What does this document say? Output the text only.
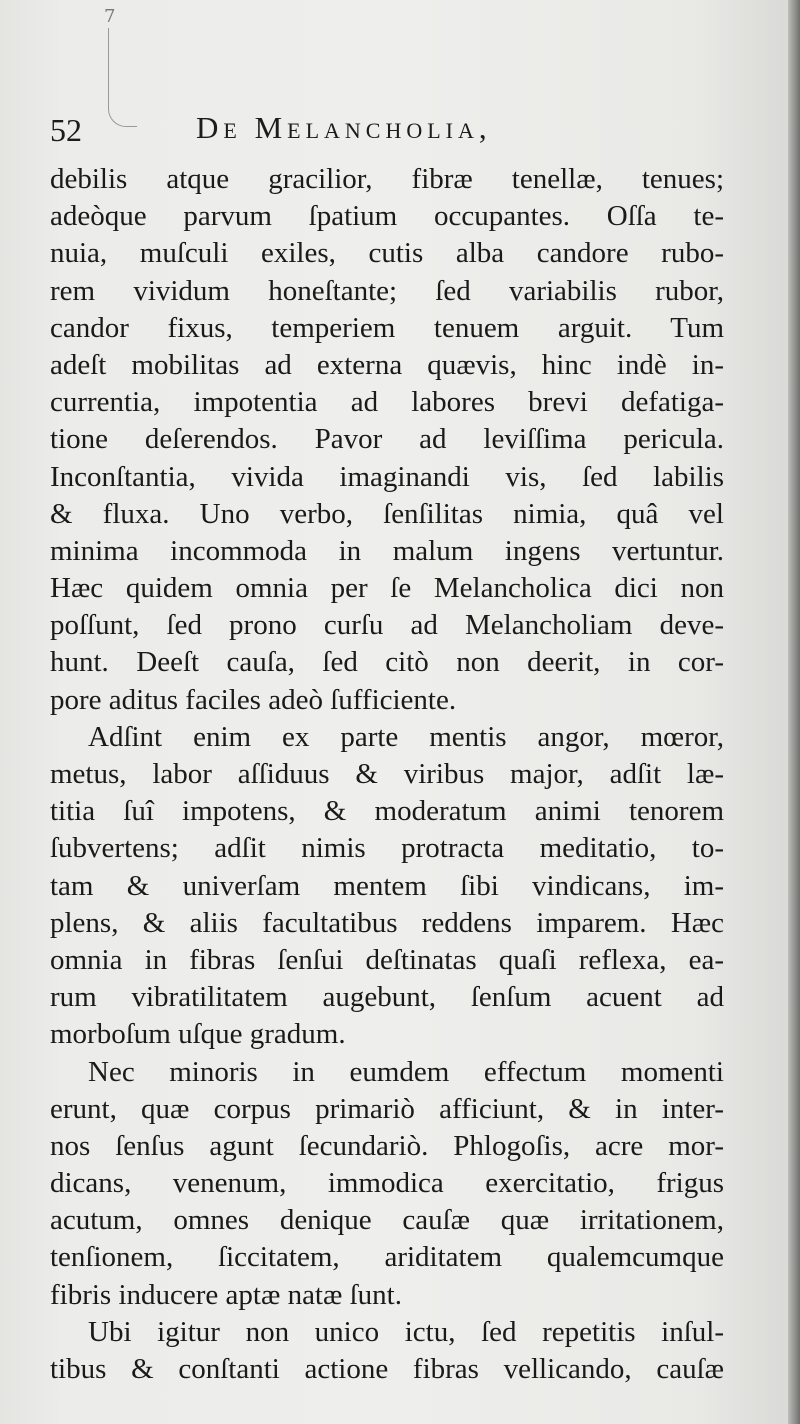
7
52	De Melancholia,
debilis atque gracilior, fibræ tenellæ, tenues;
adeòque parvum ſpatium occupantes. Oſſa te-
nuia, muſculi exiles, cutis alba candore rubo-
rem vividum honeſtante; ſed variabilis rubor,
candor fixus, temperiem tenuem arguit. Tum
adeſt mobilitas ad externa quævis, hinc indè in-
currentia, impotentia ad labores brevi defatiga-
tione deſerendos. Pavor ad leviſſima pericula.
Inconſtantia, vivida imaginandi vis, ſed labilis
& fluxa. Uno verbo, ſenſilitas nimia, quâ vel
minima incommoda in malum ingens vertuntur.
Hæc quidem omnia per ſe Melancholica dici non
poſſunt, ſed prono curſu ad Melancholiam deve-
hunt. Deeſt cauſa, ſed citò non deerit, in cor-
pore aditus faciles adeò ſufficiente.
Adſint enim ex parte mentis angor, mœror,
metus, labor aſſiduus & viribus major, adſit læ-
titia ſuî impotens, & moderatum animi tenorem
ſubvertens; adſit nimis protracta meditatio, to-
tam & univerſam mentem ſibi vindicans, im-
plens, & aliis facultatibus reddens imparem. Hæc
omnia in fibras ſenſui deſtinatas quaſi reflexa, ea-
rum vibratilitatem augebunt, ſenſum acuent ad
morboſum uſque gradum.
Nec minoris in eumdem effectum momenti
erunt, quæ corpus primariò afficiunt, & in inter-
nos ſenſus agunt ſecundariò. Phlogoſis, acre mor-
dicans, venenum, immodica exercitatio, frigus
acutum, omnes denique cauſæ quæ irritationem,
tenſionem, ſiccitatem, ariditatem qualemcumque
fibris inducere aptæ natæ ſunt.
Ubi igitur non unico ictu, ſed repetitis inſul-
tibus & conſtanti actione fibras vellicando, cauſæ
